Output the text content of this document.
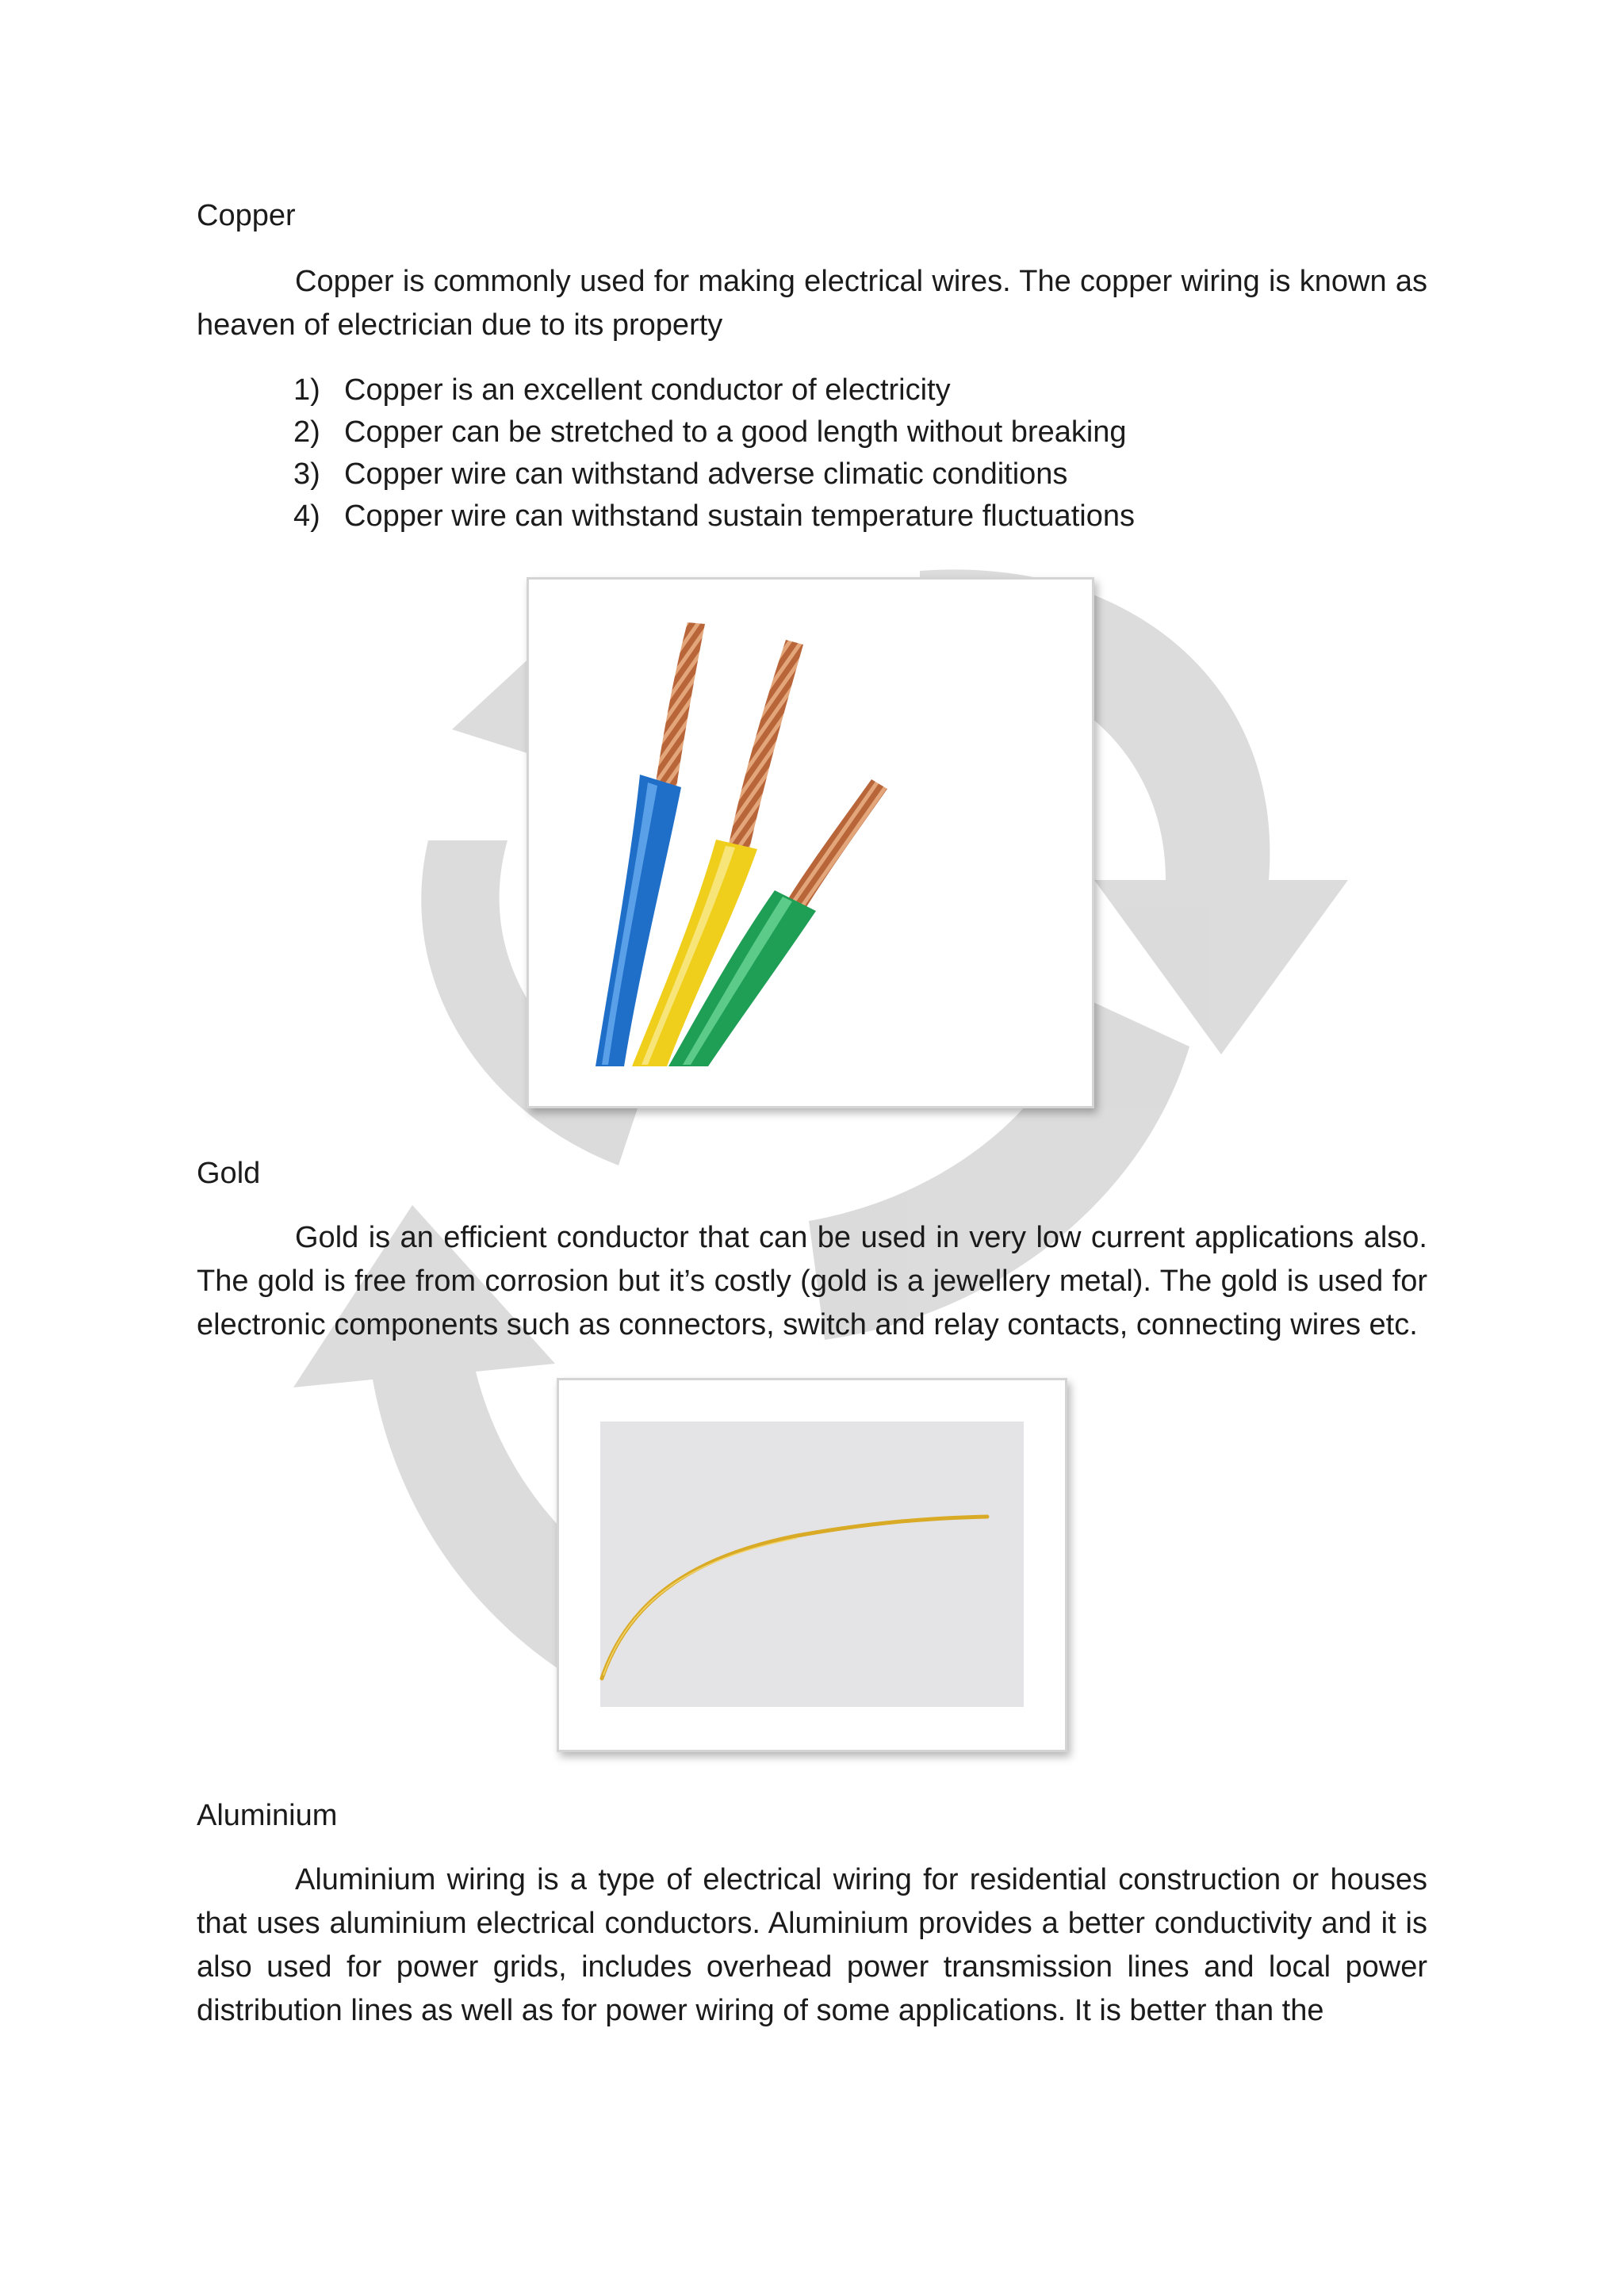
Copper

Copper is commonly used for making electrical wires. The copper wiring is known as heaven of electrician due to its property

1) Copper is an excellent conductor of electricity
2) Copper can be stretched to a good length without breaking
3) Copper wire can withstand adverse climatic conditions
4) Copper wire can withstand sustain temperature fluctuations
Gold

Gold is an efficient conductor that can be used in very low current applications also. The gold is free from corrosion but it’s costly (gold is a jewellery metal). The gold is used for electronic components such as connectors, switch and relay contacts, connecting wires etc.

Aluminium

Aluminium wiring is a type of electrical wiring for residential construction or houses that uses aluminium electrical conductors. Aluminium provides a better conductivity and it is also used for power grids, includes overhead power transmission lines and local power distribution lines as well as for power wiring of some applications. It is better than the
